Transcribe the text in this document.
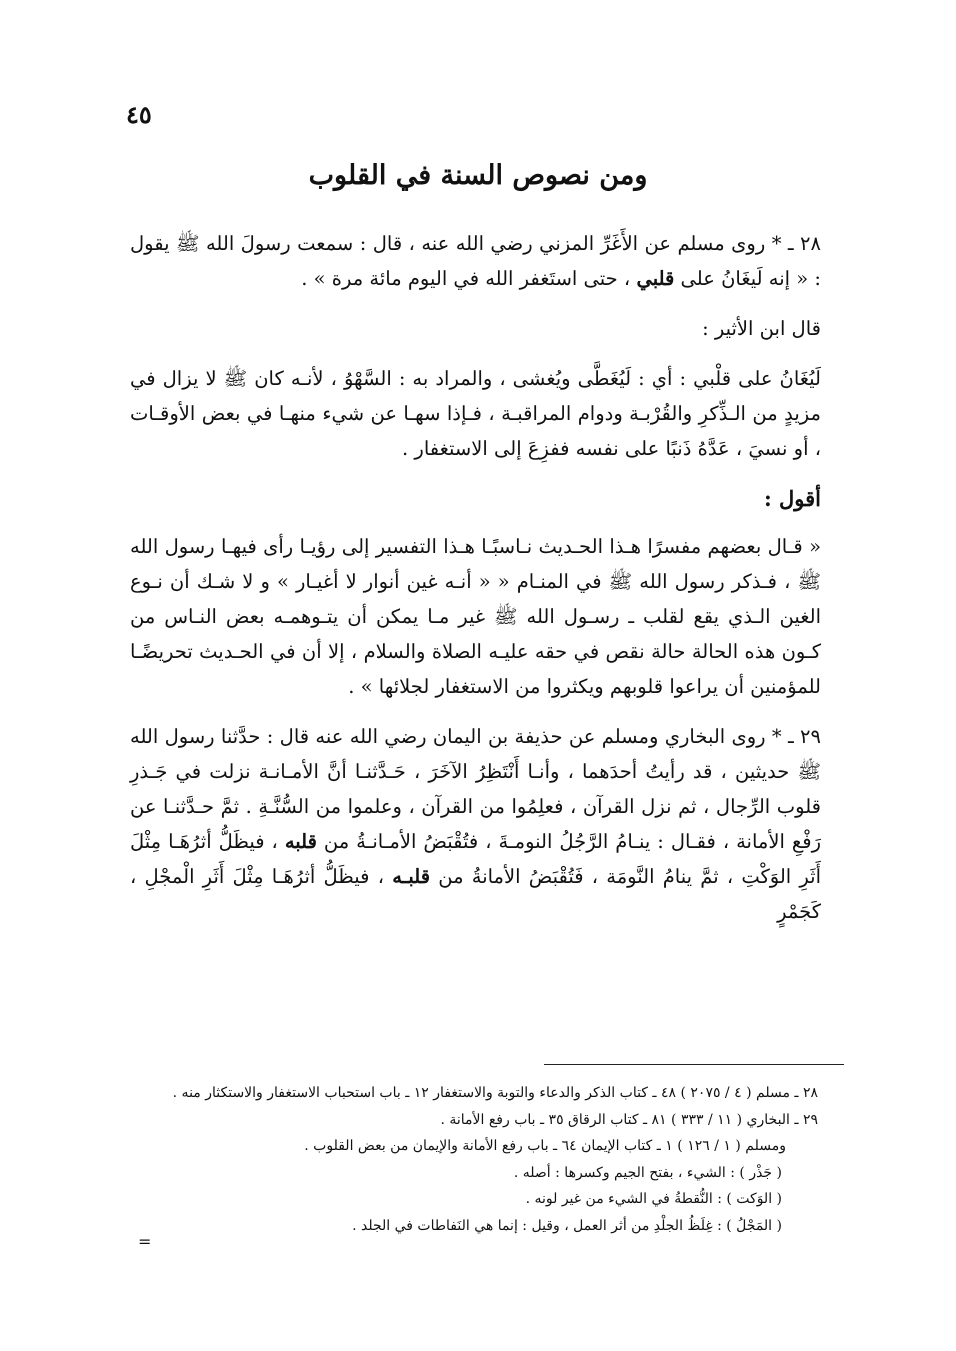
٤٥
ومن نصوص السنة في القلوب

٢٨ ـ * روى مسلم عن الأَغَرِّ المزني رضي الله عنه ، قال : سمعت رسولَ الله ﷺ يقول : « إنه لَيغَانُ على قلبي ، حتى استَغفر الله في اليوم مائة مرة » .

قال ابن الأثير :

لَيُغَانُ على قلْبي : أي : لَيُغَطَّى ويُغشى ، والمراد به : السَّهْوُ ، لأنـه كان ﷺ لا يزال في مزيدٍ من الـذِّكرِ والقُرْبـة ودوام المراقبـة ، فـإذا سهـا عن شيء منهـا في بعض الأوقـات ، أو نسيَ ، عَدَّهُ ذَنبًا على نفسه ففزِعَ إلى الاستغفار .

أقول :

« قـال بعضهم مفسرًا هـذا الحـديث نـاسبًـا هـذا التفسير إلى رؤيـا رأى فيهـا رسول الله ﷺ ، فـذكر رسول الله ﷺ في المنـام « « أنـه غين أنوار لا أغيـار » و لا شـك أن نـوع الغين الـذي يقع لقلب ـ رسـول الله ﷺ غير مـا يمكن أن يتـوهمـه بعض النـاس من كـون هذه الحالة حالة نقص في حقه عليـه الصلاة والسلام ، إلا أن في الحـديث تحريضًـا للمؤمنين أن يراعوا قلوبهم ويكثروا من الاستغفار لجلائها » .

٢٩ ـ * روى البخاري ومسلم عن حذيفة بن اليمان رضي الله عنه قال : حدَّثنا رسول الله ﷺ حديثين ، قد رأيتُ أحدَهما ، وأنـا أَنْتَظِرُ الآخَرَ ، حَـدَّثنـا أنَّ الأمـانـة نزلت في جَـذرِ قلوب الرِّجال ، ثم نزل القرآن ، فعلِمُوا من القرآن ، وعلموا من السُّنَّـةِ . ثمَّ حـدَّثنـا عن رَفْعِ الأمانة ، فقـال : ينـامُ الرَّجُلُ النومـةَ ، فتُقْبَضُ الأمـانـةُ من قلبه ، فيظَلُّ أثرُهَـا مِثْلَ أَثَرِ الوَكْتِ ، ثمَّ ينامُ النَّومَة ، فَتُقْبَضُ الأمانةُ من قلبـه ، فيظَلُّ أثرُهَـا مِثْلَ أَثَرِ الْمجْلِ ، كَجَمْرٍ

٢٨ ـ مسلم ( ٤ / ٢٠٧٥ ) ٤٨ ـ كتاب الذكر والدعاء والتوبة والاستغفار ١٢ ـ باب استحباب الاستغفار والاستكثار منه .

٢٩ ـ البخاري ( ١١ / ٣٣٣ ) ٨١ ـ كتاب الرقاق ٣٥ ـ باب رفع الأمانة .

ومسلم ( ١ / ١٢٦ ) ١ ـ كتاب الإيمان ٦٤ ـ باب رفع الأمانة والإيمان من بعض القلوب .

( جَذْر ) : الشيء ، بفتح الجيم وكسرها : أصله .

( الوَكت ) : النُّقطةُ في الشيء من غير لونه .

( المَجْلُ ) : غِلَظُ الجلْدِ من أثر العمل ، وقيل : إنما هي النَفاطات في الجلد .

=
